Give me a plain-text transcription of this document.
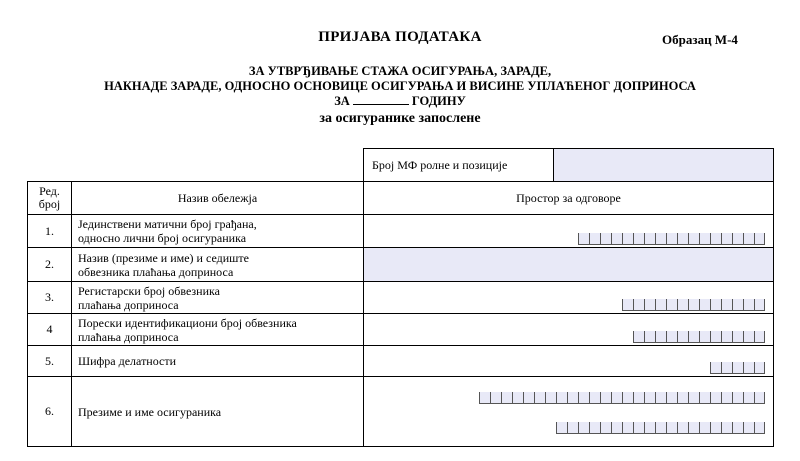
ПРИЈАВА ПОДАТАКА	Образац М-4
ЗА УТВРЂИВАЊЕ СТАЖА ОСИГУРАЊА, ЗАРАДЕ,
НАКНАДЕ ЗАРАДЕ, ОДНОСНО ОСНОВИЦЕ ОСИГУРАЊА И ВИСИНЕ УПЛАЋЕНОГ ДОПРИНОСА
ЗА	ГОДИНУ
за осигуранике запослене
		Број МФ ролне и позиције	
Ред. број	Назив обележја	Простор за одговоре	
1.	Јединствени матични број грађана,
односно лични број осигураника		

2.	Назив (презиме и име) и седиште
обвезника плаћања доприноса		

3.	Регистарски број обвезника
плаћања доприноса		

4	Порески идентификациони број обвезника
плаћања доприноса		

5.	Шифра делатности		

6.	Презиме и име осигураника		
